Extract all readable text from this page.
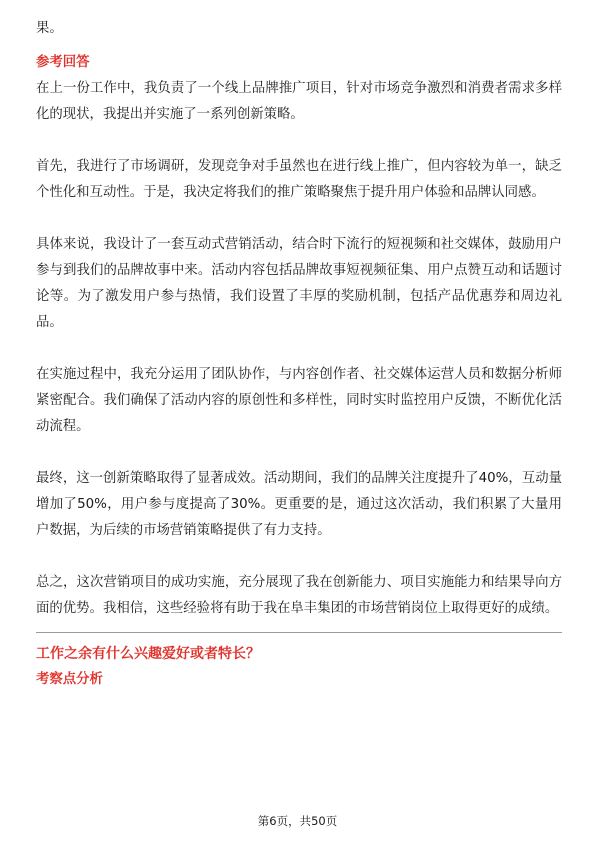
果。

参考回答

在上一份工作中，我负责了一个线上品牌推广项目，针对市场竞争激烈和消费者需求多样化的现状，我提出并实施了一系列创新策略。

首先，我进行了市场调研，发现竞争对手虽然也在进行线上推广，但内容较为单一，缺乏个性化和互动性。于是，我决定将我们的推广策略聚焦于提升用户体验和品牌认同感。

具体来说，我设计了一套互动式营销活动，结合时下流行的短视频和社交媒体，鼓励用户参与到我们的品牌故事中来。活动内容包括品牌故事短视频征集、用户点赞互动和话题讨论等。为了激发用户参与热情，我们设置了丰厚的奖励机制，包括产品优惠券和周边礼品。

在实施过程中，我充分运用了团队协作，与内容创作者、社交媒体运营人员和数据分析师紧密配合。我们确保了活动内容的原创性和多样性，同时实时监控用户反馈，不断优化活动流程。

最终，这一创新策略取得了显著成效。活动期间，我们的品牌关注度提升了40%，互动量增加了50%，用户参与度提高了30%。更重要的是，通过这次活动，我们积累了大量用户数据，为后续的市场营销策略提供了有力支持。

总之，这次营销项目的成功实施，充分展现了我在创新能力、项目实施能力和结果导向方面的优势。我相信，这些经验将有助于我在阜丰集团的市场营销岗位上取得更好的成绩。

工作之余有什么兴趣爱好或者特长？

考察点分析

第6页，共50页
